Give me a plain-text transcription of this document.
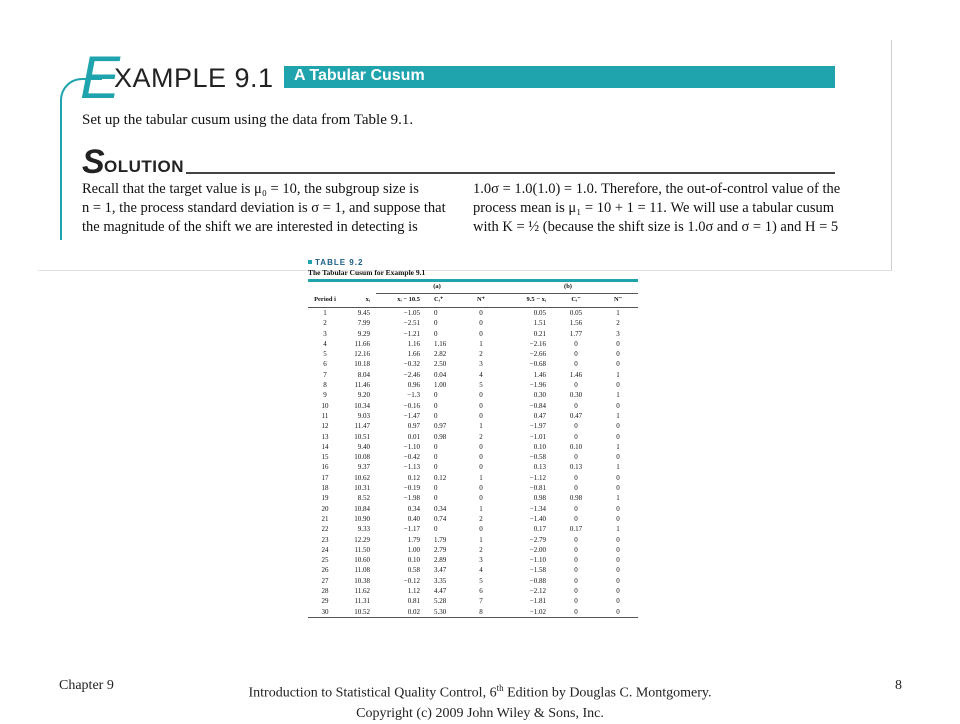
E
XAMPLE 9.1 A Tabular Cusum
Set up the tabular cusum using the data from Table 9.1.
S OLUTION
Recall that the target value is μ₀ = 10, the subgroup size is
n = 1, the process standard deviation is σ = 1, and suppose that
the magnitude of the shift we are interested in detecting is
1.0σ = 1.0(1.0) = 1.0. Therefore, the out-of-control value of the
process mean is μ₁ = 10 + 1 = 11. We will use a tabular cusum
with K = ½ (because the shift size is 1.0σ and σ = 1) and H = 5
TABLE 9.2
The Tabular Cusum for Example 9.1
		(a)			(b)		
Period i	xᵢ	xᵢ − 10.5	Cᵢ⁺	N⁺	9.5 − xᵢ	Cᵢ⁻	N⁻
1	9.45	−1.05	0	0	0.05	0.05	1
2	7.99	−2.51	0	0	1.51	1.56	2
3	9.29	−1.21	0	0	0.21	1.77	3
4	11.66	1.16	1.16	1	−2.16	0	0
5	12.16	1.66	2.82	2	−2.66	0	0
6	10.18	−0.32	2.50	3	−0.68	0	0
7	8.04	−2.46	0.04	4	1.46	1.46	1
8	11.46	0.96	1.00	5	−1.96	0	0
9	9.20	−1.3	0	0	0.30	0.30	1
10	10.34	−0.16	0	0	−0.84	0	0
11	9.03	−1.47	0	0	0.47	0.47	1
12	11.47	0.97	0.97	1	−1.97	0	0
13	10.51	0.01	0.98	2	−1.01	0	0
14	9.40	−1.10	0	0	0.10	0.10	1
15	10.08	−0.42	0	0	−0.58	0	0
16	9.37	−1.13	0	0	0.13	0.13	1
17	10.62	0.12	0.12	1	−1.12	0	0
18	10.31	−0.19	0	0	−0.81	0	0
19	8.52	−1.98	0	0	0.98	0.98	1
20	10.84	0.34	0.34	1	−1.34	0	0
21	10.90	0.40	0.74	2	−1.40	0	0
22	9.33	−1.17	0	0	0.17	0.17	1
23	12.29	1.79	1.79	1	−2.79	0	0
24	11.50	1.00	2.79	2	−2.00	0	0
25	10.60	0.10	2.89	3	−1.10	0	0
26	11.08	0.58	3.47	4	−1.58	0	0
27	10.38	−0.12	3.35	5	−0.88	0	0
28	11.62	1.12	4.47	6	−2.12	0	0
29	11.31	0.81	5.28	7	−1.81	0	0
30	10.52	0.02	5.30	8	−1.02	0	0
Chapter 9
Introduction to Statistical Quality Control, 6th Edition by Douglas C. Montgomery.
Copyright (c) 2009 John Wiley & Sons, Inc.
8
